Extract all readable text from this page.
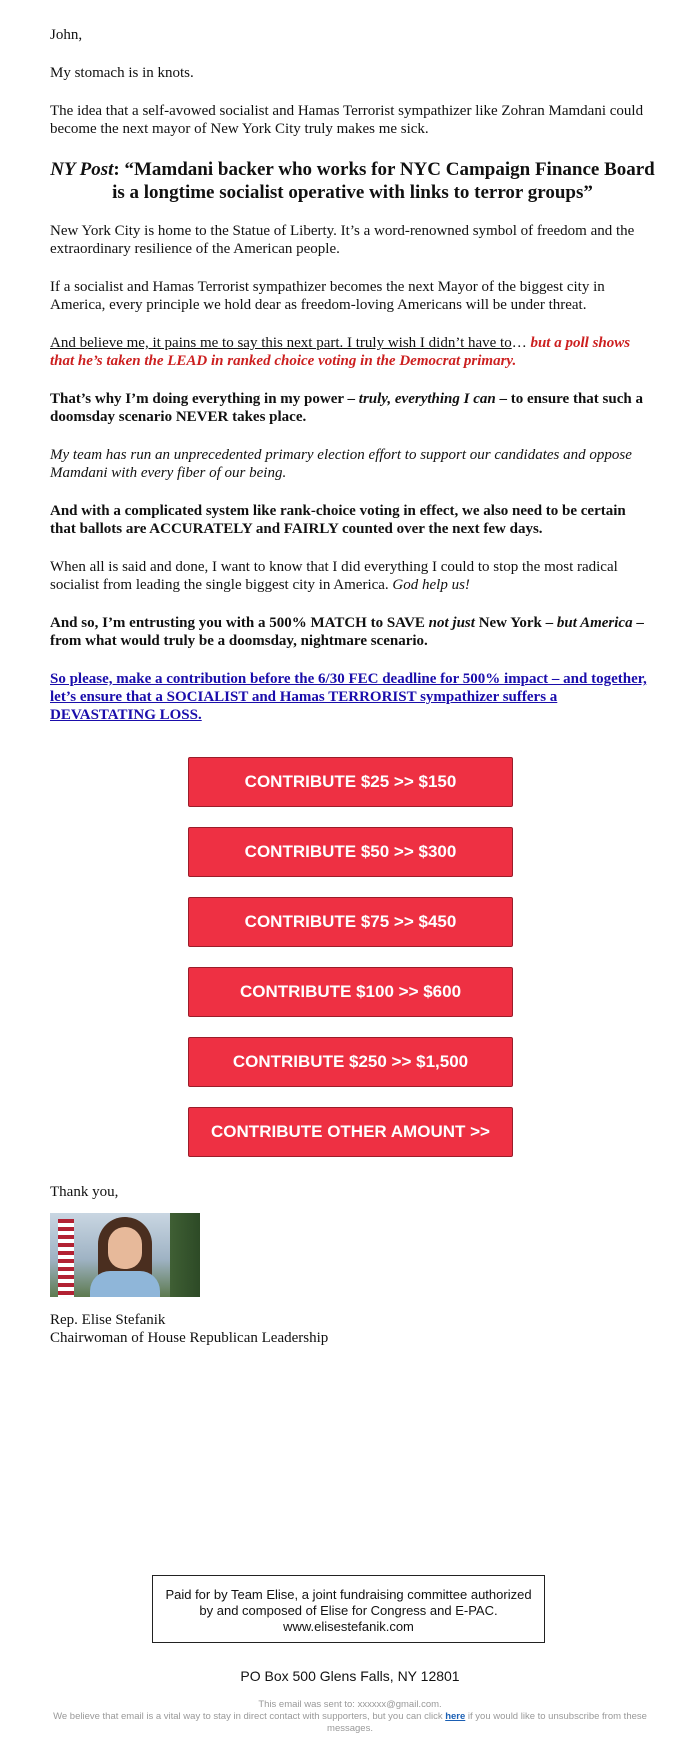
John,

My stomach is in knots.

The idea that a self-avowed socialist and Hamas Terrorist sympathizer like Zohran Mamdani could become the next mayor of New York City truly makes me sick.

NY Post: “Mamdani backer who works for NYC Campaign Finance Board is a longtime socialist operative with links to terror groups”

New York City is home to the Statue of Liberty. It’s a word-renowned symbol of freedom and the extraordinary resilience of the American people.

If a socialist and Hamas Terrorist sympathizer becomes the next Mayor of the biggest city in America, every principle we hold dear as freedom-loving Americans will be under threat.

And believe me, it pains me to say this next part. I truly wish I didn’t have to… but a poll shows that he’s taken the LEAD in ranked choice voting in the Democrat primary.

That’s why I’m doing everything in my power – truly, everything I can – to ensure that such a doomsday scenario NEVER takes place.

My team has run an unprecedented primary election effort to support our candidates and oppose Mamdani with every fiber of our being.

And with a complicated system like rank-choice voting in effect, we also need to be certain that ballots are ACCURATELY and FAIRLY counted over the next few days.

When all is said and done, I want to know that I did everything I could to stop the most radical socialist from leading the single biggest city in America. God help us!

And so, I’m entrusting you with a 500% MATCH to SAVE not just New York – but America – from what would truly be a doomsday, nightmare scenario.

So please, make a contribution before the 6/30 FEC deadline for 500% impact – and together, let’s ensure that a SOCIALIST and Hamas TERRORIST sympathizer suffers a DEVASTATING LOSS.

CONTRIBUTE $25 >> $150
CONTRIBUTE $50 >> $300
CONTRIBUTE $75 >> $450
CONTRIBUTE $100 >> $600
CONTRIBUTE $250 >> $1,500
CONTRIBUTE OTHER AMOUNT >>
Thank you,
Rep. Elise Stefanik
Chairwoman of House Republican Leadership
Paid for by Team Elise, a joint fundraising committee authorized by and composed of Elise for Congress and E-PAC. www.elisestefanik.com
PO Box 500 Glens Falls, NY 12801
This email was sent to: xxxxxx@gmail.com.
We believe that email is a vital way to stay in direct contact with supporters, but you can click here if you would like to unsubscribe from these messages.
